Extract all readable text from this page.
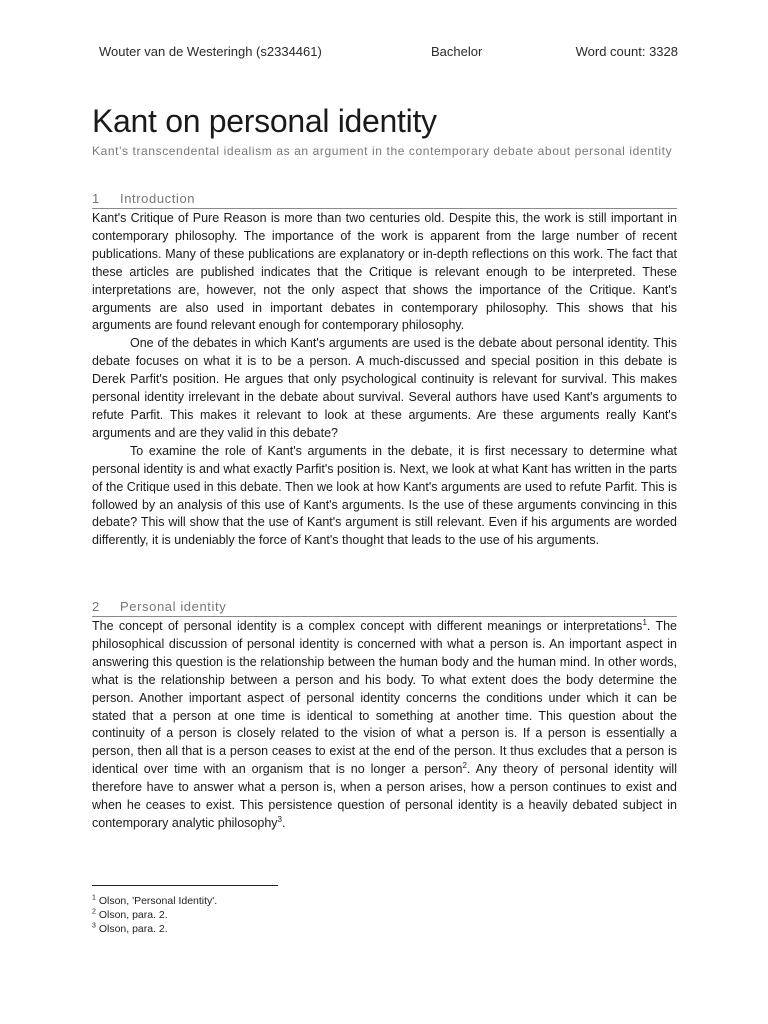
Wouter van de Westeringh (s2334461)	Bachelor	Word count: 3328
Kant on personal identity

Kant's transcendental idealism as an argument in the contemporary debate about personal identity

1 Introduction

Kant's Critique of Pure Reason is more than two centuries old. Despite this, the work is still important in contemporary philosophy. The importance of the work is apparent from the large number of recent publications. Many of these publications are explanatory or in-depth reflections on this work. The fact that these articles are published indicates that the Critique is relevant enough to be interpreted. These interpretations are, however, not the only aspect that shows the importance of the Critique. Kant's arguments are also used in important debates in contemporary philosophy. This shows that his arguments are found relevant enough for contemporary philosophy.

One of the debates in which Kant's arguments are used is the debate about personal identity. This debate focuses on what it is to be a person. A much-discussed and special position in this debate is Derek Parfit's position. He argues that only psychological continuity is relevant for survival. This makes personal identity irrelevant in the debate about survival. Several authors have used Kant's arguments to refute Parfit. This makes it relevant to look at these arguments. Are these arguments really Kant's arguments and are they valid in this debate?

To examine the role of Kant's arguments in the debate, it is first necessary to determine what personal identity is and what exactly Parfit's position is. Next, we look at what Kant has written in the parts of the Critique used in this debate. Then we look at how Kant's arguments are used to refute Parfit. This is followed by an analysis of this use of Kant's arguments. Is the use of these arguments convincing in this debate? This will show that the use of Kant's argument is still relevant. Even if his arguments are worded differently, it is undeniably the force of Kant's thought that leads to the use of his arguments.

2 Personal identity

The concept of personal identity is a complex concept with different meanings or interpretations$^1$. The philosophical discussion of personal identity is concerned with what a person is. An important aspect in answering this question is the relationship between the human body and the human mind. In other words, what is the relationship between a person and his body. To what extent does the body determine the person. Another important aspect of personal identity concerns the conditions under which it can be stated that a person at one time is identical to something at another time. This question about the continuity of a person is closely related to the vision of what a person is. If a person is essentially a person, then all that is a person ceases to exist at the end of the person. It thus excludes that a person is identical over time with an organism that is no longer a person$^2$. Any theory of personal identity will therefore have to answer what a person is, when a person arises, how a person continues to exist and when he ceases to exist. This persistence question of personal identity is a heavily debated subject in contemporary analytic philosophy$^3$.

$^1$ Olson, 'Personal Identity'.
$^2$ Olson, para. 2.
$^3$ Olson, para. 2.
